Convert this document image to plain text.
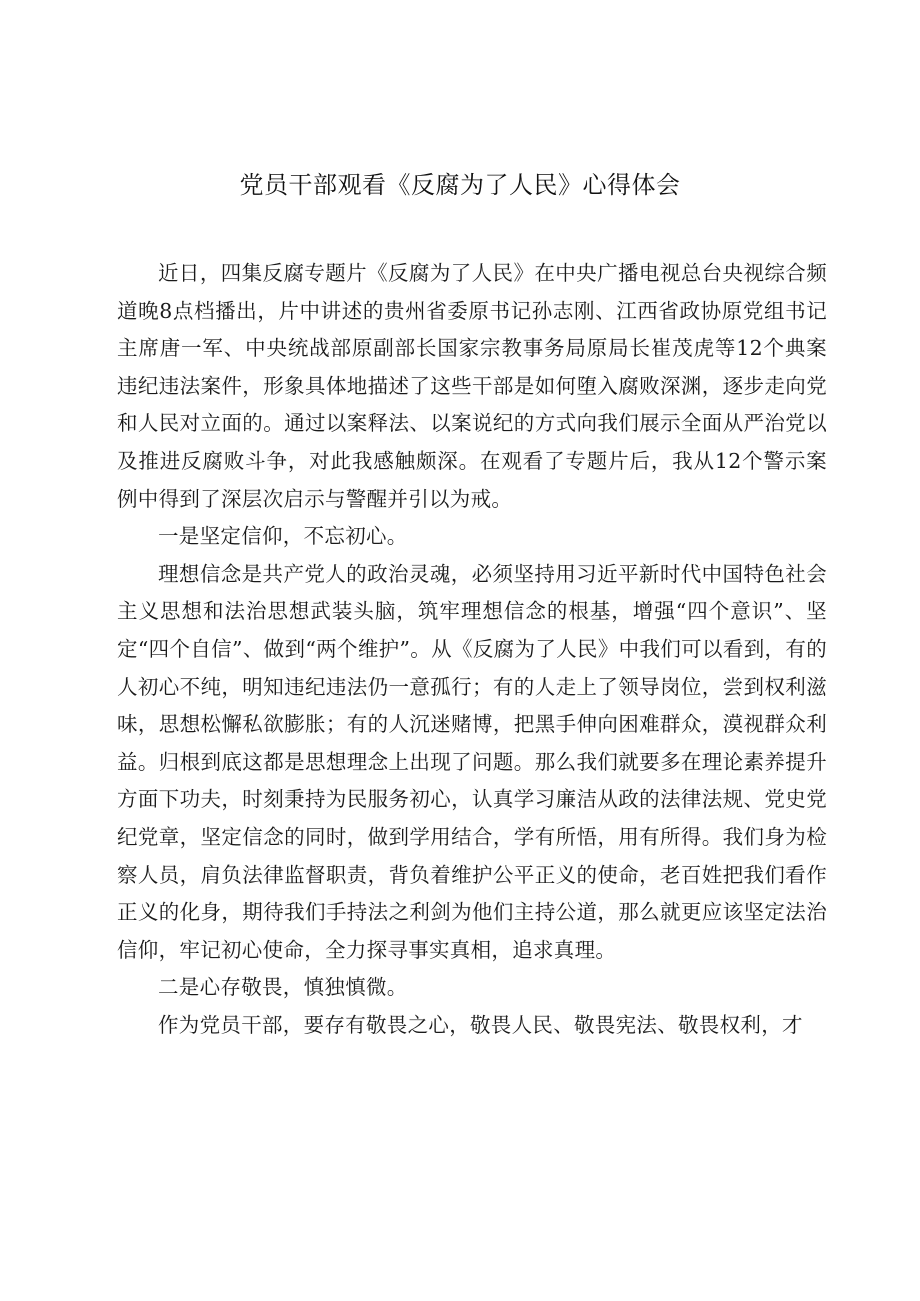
党员干部观看《反腐为了人民》心得体会

近日，四集反腐专题片《反腐为了人民》在中央广播电视总台央视综合频道晚8点档播出，片中讲述的贵州省委原书记孙志刚、江西省政协原党组书记主席唐一军、中央统战部原副部长国家宗教事务局原局长崔茂虎等12个典案违纪违法案件，形象具体地描述了这些干部是如何堕入腐败深渊，逐步走向党和人民对立面的。通过以案释法、以案说纪的方式向我们展示全面从严治党以及推进反腐败斗争，对此我感触颇深。在观看了专题片后，我从12个警示案例中得到了深层次启示与警醒并引以为戒。

一是坚定信仰，不忘初心。

理想信念是共产党人的政治灵魂，必须坚持用习近平新时代中国特色社会主义思想和法治思想武装头脑，筑牢理想信念的根基，增强“四个意识”、坚定“四个自信”、做到“两个维护”。从《反腐为了人民》中我们可以看到，有的人初心不纯，明知违纪违法仍一意孤行；有的人走上了领导岗位，尝到权利滋味，思想松懈私欲膨胀；有的人沉迷赌博，把黑手伸向困难群众，漠视群众利益。归根到底这都是思想理念上出现了问题。那么我们就要多在理论素养提升方面下功夫，时刻秉持为民服务初心，认真学习廉洁从政的法律法规、党史党纪党章，坚定信念的同时，做到学用结合，学有所悟，用有所得。我们身为检察人员，肩负法律监督职责，背负着维护公平正义的使命，老百姓把我们看作正义的化身，期待我们手持法之利剑为他们主持公道，那么就更应该坚定法治信仰，牢记初心使命，全力探寻事实真相，追求真理。

二是心存敬畏，慎独慎微。

作为党员干部，要存有敬畏之心，敬畏人民、敬畏宪法、敬畏权利，才
